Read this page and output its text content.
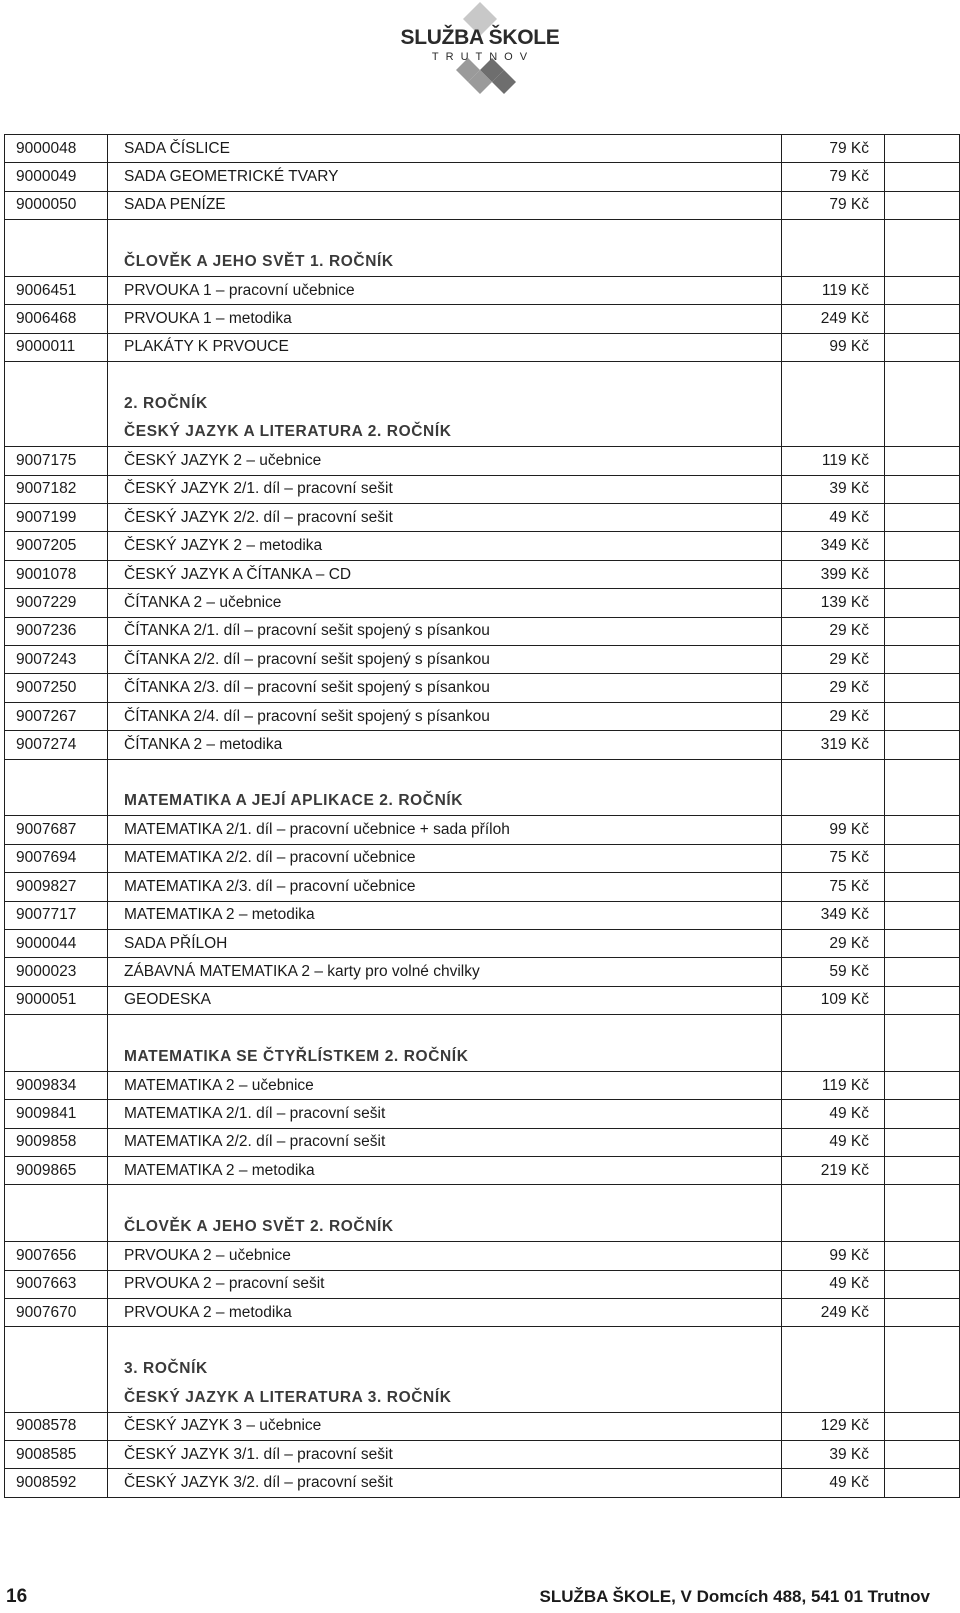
SLUŽBA ŠKOLE
TRUTNOV
9000048	SADA ČÍSLICE	79 Kč	
9000049	SADA GEOMETRICKÉ TVARY	79 Kč	
9000050	SADA PENÍZE	79 Kč	

	ČLOVĚK A JEHO SVĚT 1. ROČNÍK		
9006451	PRVOUKA 1 – pracovní učebnice	119 Kč	
9006468	PRVOUKA 1 – metodika	249 Kč	
9000011	PLAKÁTY K PRVOUCE	99 Kč	

	2. ROČNÍK		
	ČESKÝ JAZYK A LITERATURA 2. ROČNÍK		
9007175	ČESKÝ JAZYK 2 – učebnice	119 Kč	
9007182	ČESKÝ JAZYK 2/1. díl – pracovní sešit	39 Kč	
9007199	ČESKÝ JAZYK 2/2. díl – pracovní sešit	49 Kč	
9007205	ČESKÝ JAZYK 2 – metodika	349 Kč	
9001078	ČESKÝ JAZYK A ČÍTANKA – CD	399 Kč	
9007229	ČÍTANKA 2 – učebnice	139 Kč	
9007236	ČÍTANKA 2/1. díl – pracovní sešit spojený s písankou	29 Kč	
9007243	ČÍTANKA 2/2. díl – pracovní sešit spojený s písankou	29 Kč	
9007250	ČÍTANKA 2/3. díl – pracovní sešit spojený s písankou	29 Kč	
9007267	ČÍTANKA 2/4. díl – pracovní sešit spojený s písankou	29 Kč	
9007274	ČÍTANKA 2 – metodika	319 Kč	

	MATEMATIKA A JEJÍ APLIKACE 2. ROČNÍK		
9007687	MATEMATIKA 2/1. díl – pracovní učebnice + sada příloh	99 Kč	
9007694	MATEMATIKA 2/2. díl – pracovní učebnice	75 Kč	
9009827	MATEMATIKA 2/3. díl – pracovní učebnice	75 Kč	
9007717	MATEMATIKA 2 – metodika	349 Kč	
9000044	SADA PŘÍLOH	29 Kč	
9000023	ZÁBAVNÁ MATEMATIKA 2 – karty pro volné chvilky	59 Kč	
9000051	GEODESKA	109 Kč	

	MATEMATIKA SE ČTYŘLÍSTKEM 2. ROČNÍK		
9009834	MATEMATIKA 2 – učebnice	119 Kč	
9009841	MATEMATIKA 2/1. díl – pracovní sešit	49 Kč	
9009858	MATEMATIKA 2/2. díl – pracovní sešit	49 Kč	
9009865	MATEMATIKA 2 – metodika	219 Kč	

	ČLOVĚK A JEHO SVĚT 2. ROČNÍK		
9007656	PRVOUKA 2 – učebnice	99 Kč	
9007663	PRVOUKA 2 – pracovní sešit	49 Kč	
9007670	PRVOUKA 2 – metodika	249 Kč	

	3. ROČNÍK		
	ČESKÝ JAZYK A LITERATURA 3. ROČNÍK		
9008578	ČESKÝ JAZYK 3 – učebnice	129 Kč	
9008585	ČESKÝ JAZYK 3/1. díl – pracovní sešit	39 Kč	
9008592	ČESKÝ JAZYK 3/2. díl – pracovní sešit	49 Kč	
16	SLUŽBA ŠKOLE, V Domcích 488, 541 01 Trutnov
